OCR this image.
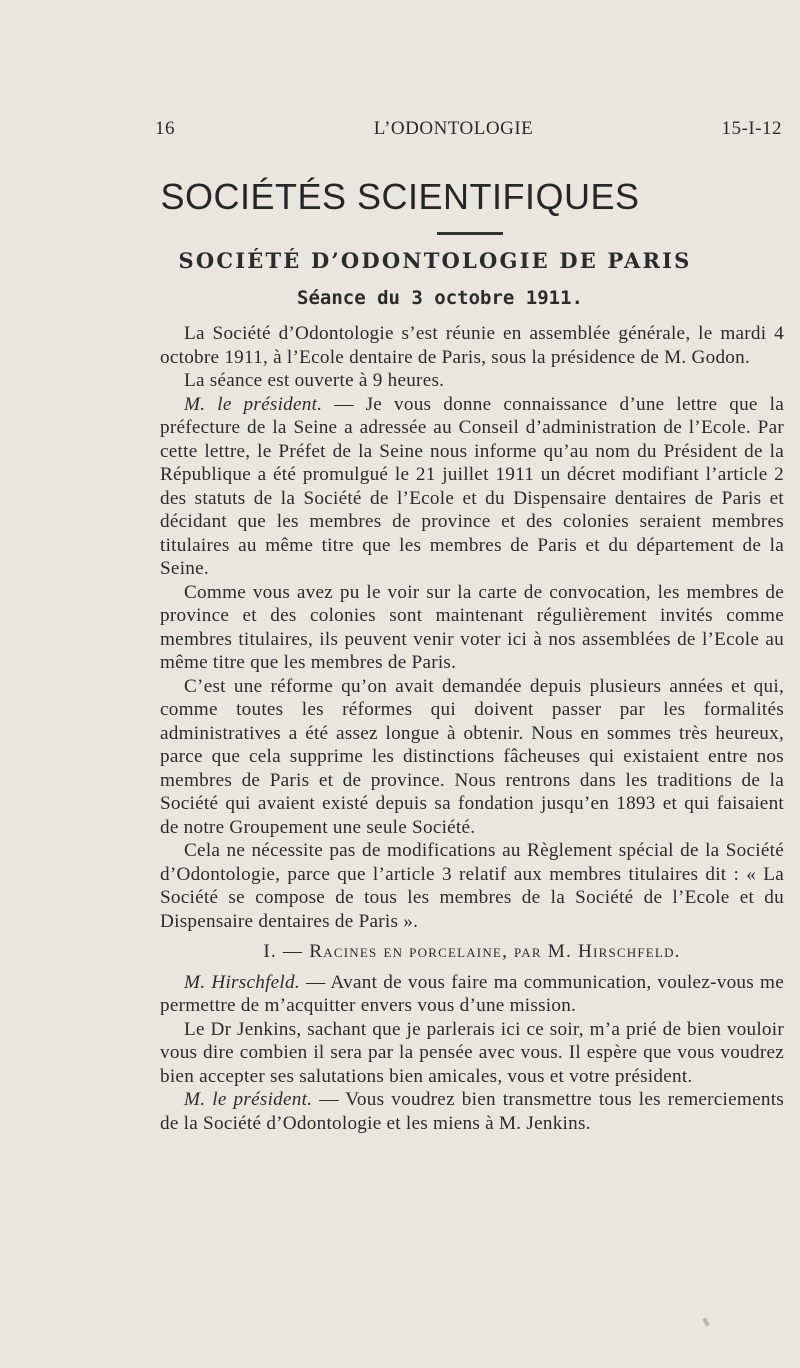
16	L’ODONTOLOGIE	15-I-12
SOCIÉTÉS SCIENTIFIQUES
SOCIÉTÉ D’ODONTOLOGIE DE PARIS
Séance du 3 octobre 1911.

La Société d’Odontologie s’est réunie en assemblée générale, le mardi 4 octobre 1911, à l’Ecole dentaire de Paris, sous la présidence de M. Godon.

La séance est ouverte à 9 heures.

M. le président. — Je vous donne connaissance d’une lettre que la préfecture de la Seine a adressée au Conseil d’administration de l’Ecole. Par cette lettre, le Préfet de la Seine nous informe qu’au nom du Président de la République a été promulgué le 21 juillet 1911 un décret modifiant l’article 2 des statuts de la Société de l’Ecole et du Dispensaire dentaires de Paris et décidant que les membres de province et des colonies seraient membres titulaires au même titre que les membres de Paris et du département de la Seine.

Comme vous avez pu le voir sur la carte de convocation, les membres de province et des colonies sont maintenant régulièrement invités comme membres titulaires, ils peuvent venir voter ici à nos assemblées de l’Ecole au même titre que les membres de Paris.

C’est une réforme qu’on avait demandée depuis plusieurs années et qui, comme toutes les réformes qui doivent passer par les formalités administratives a été assez longue à obtenir. Nous en sommes très heureux, parce que cela supprime les distinctions fâcheuses qui existaient entre nos membres de Paris et de province. Nous rentrons dans les traditions de la Société qui avaient existé depuis sa fondation jusqu’en 1893 et qui faisaient de notre Groupement une seule Société.

Cela ne nécessite pas de modifications au Règlement spécial de la Société d’Odontologie, parce que l’article 3 relatif aux membres titulaires dit : « La Société se compose de tous les membres de la Société de l’Ecole et du Dispensaire dentaires de Paris ».

I. — Racines en porcelaine, par M. Hirschfeld.

M. Hirschfeld. — Avant de vous faire ma communication, voulez-vous me permettre de m’acquitter envers vous d’une mission.

Le Dr Jenkins, sachant que je parlerais ici ce soir, m’a prié de bien vouloir vous dire combien il sera par la pensée avec vous. Il espère que vous voudrez bien accepter ses salutations bien amicales, vous et votre président.

M. le président. — Vous voudrez bien transmettre tous les remerciements de la Société d’Odontologie et les miens à M. Jenkins.
